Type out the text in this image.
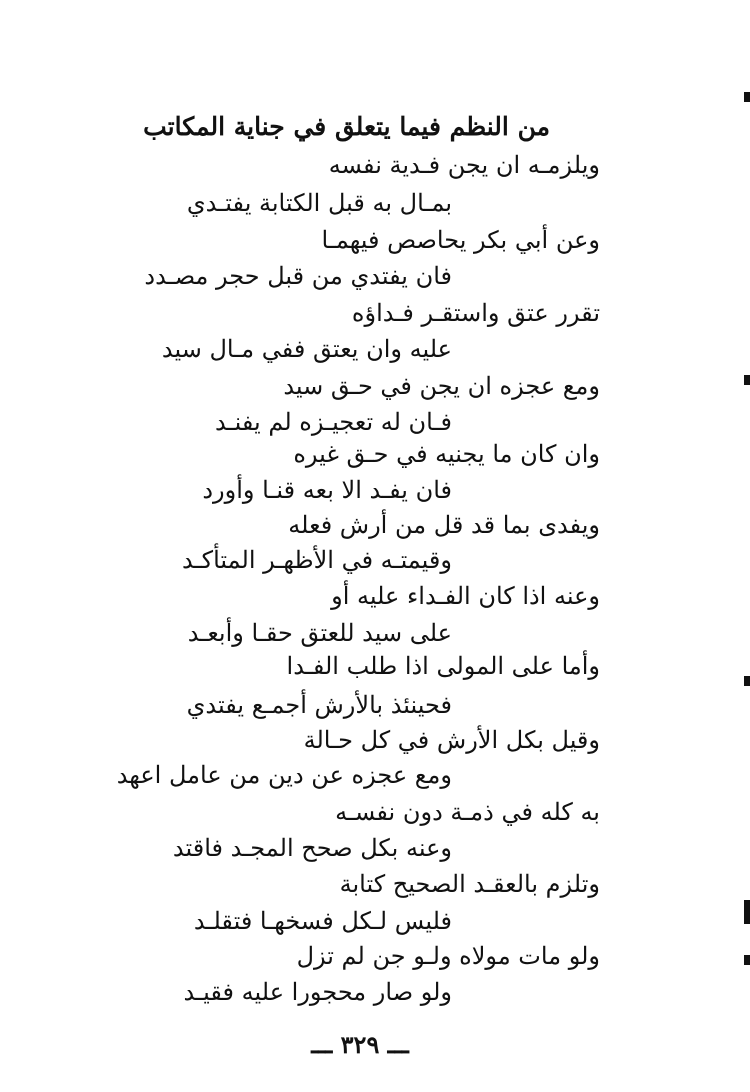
من النظم فيما يتعلق في جناية المكاتب
ويلزمـه ان يجن فـدية نفسه
بمـال به قبل الكتابة يفتـدي
وعن أبي بكر يحاصص فيهمـا
فان يفتدي من قبل حجر مصـدد
تقرر عتق واستقـر فـداؤه
عليه وان يعتق ففي مـال سيد
ومع عجزه ان يجن في حـق سيد
فـان له تعجيـزه لم يفنـد
وان كان ما يجنيه في حـق غيره
فان يفـد الا بعه قنـا وأورد
ويفدى بما قد قل من أرش فعله
وقيمتـه في الأظهـر المتأكـد
وعنه اذا كان الفـداء عليه أو
على سيد للعتق حقـا وأبعـد
وأما على المولى اذا طلب الفـدا
فحينئذ بالأرش أجمـع يفتدي
وقيل بكل الأرش في كل حـالة
ومع عجزه عن دين من عامل اعهد
به كله في ذمـة دون نفسـه
وعنه بكل صحح المجـد فاقتد
وتلزم بالعقـد الصحيح كتابة
فليس لـكل فسخهـا فتقلـد
ولو مات مولاه ولـو جن لم تزل
ولو صار محجورا عليه فقيـد
ـــ ٣٢٩ ـــ
